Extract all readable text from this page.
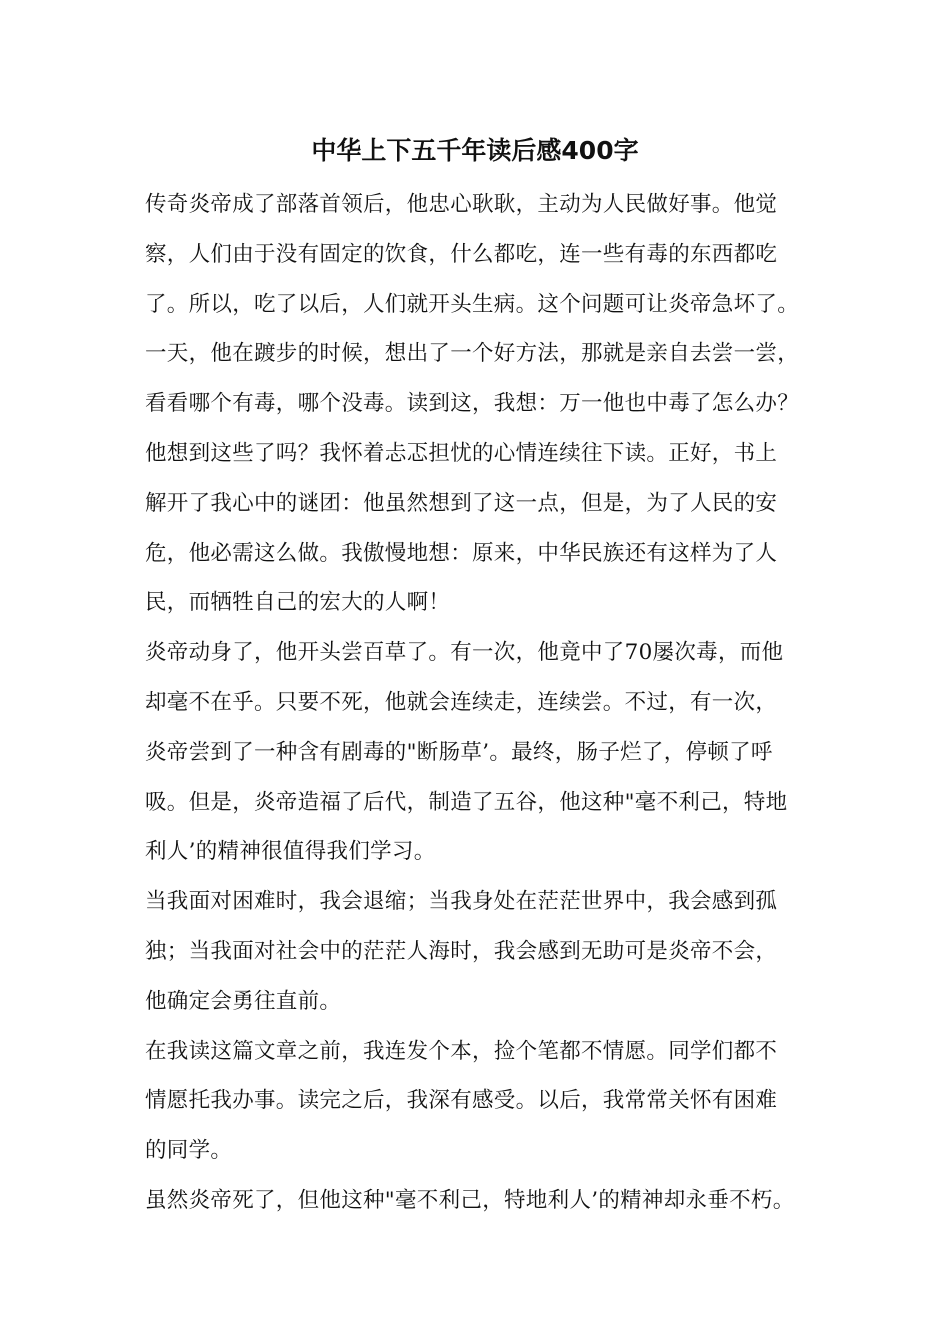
中华上下五千年读后感400字
传奇炎帝成了部落首领后，他忠心耿耿，主动为人民做好事。他觉
察，人们由于没有固定的饮食，什么都吃，连一些有毒的东西都吃
了。所以，吃了以后，人们就开头生病。这个问题可让炎帝急坏了。
一天，他在踱步的时候，想出了一个好方法，那就是亲自去尝一尝，
看看哪个有毒，哪个没毒。读到这，我想：万一他也中毒了怎么办？
他想到这些了吗？我怀着忐忑担忧的心情连续往下读。正好，书上
解开了我心中的谜团：他虽然想到了这一点，但是，为了人民的安
危，他必需这么做。我傲慢地想：原来，中华民族还有这样为了人
民，而牺牲自己的宏大的人啊！
炎帝动身了，他开头尝百草了。有一次，他竟中了70屡次毒，而他
却毫不在乎。只要不死，他就会连续走，连续尝。不过，有一次，
炎帝尝到了一种含有剧毒的"断肠草’。最终，肠子烂了，停顿了呼
吸。但是，炎帝造福了后代，制造了五谷，他这种"毫不利己，特地
利人’的精神很值得我们学习。
当我面对困难时，我会退缩；当我身处在茫茫世界中，我会感到孤
独；当我面对社会中的茫茫人海时，我会感到无助可是炎帝不会，
他确定会勇往直前。
在我读这篇文章之前，我连发个本，捡个笔都不情愿。同学们都不
情愿托我办事。读完之后，我深有感受。以后，我常常关怀有困难
的同学。
虽然炎帝死了，但他这种"毫不利己，特地利人’的精神却永垂不朽。
